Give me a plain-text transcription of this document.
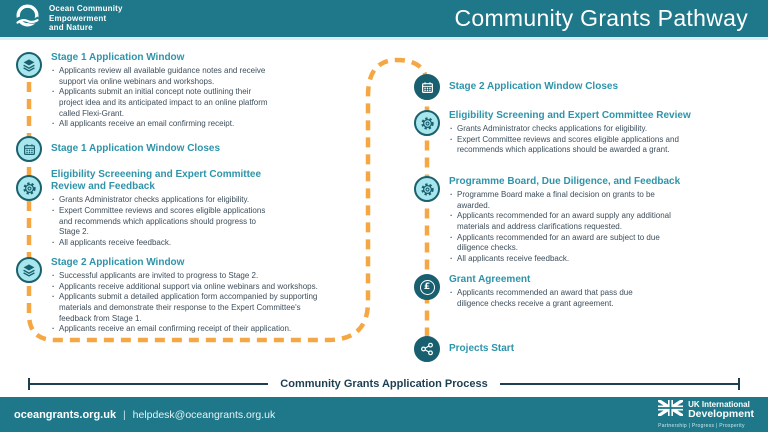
Ocean Community
Empowerment
and Nature	Community Grants Pathway
Stage 1 Application Window
· Applicants review all available guidance notes and receive support via online webinars and workshops.
· Applicants submit an initial concept note outlining their project idea and its anticipated impact to an online platform called Flexi-Grant.
· All applicants receive an email confirming receipt.
Stage 1 Application Window Closes
Eligibility Screeening and Expert Committee Review and Feedback
· Grants Administrator checks applications for eligibility.
· Expert Committee reviews and scores eligible applications and recommends which applications should progress to Stage 2.
· All applicants receive feedback.
Stage 2 Application Window
· Successful applicants are invited to progress to Stage 2.
· Applicants receive additional support via online webinars and workshops.
· Applicants submit a detailed application form accompanied by supporting materials and demonstrate their response to the Expert Committee's feedback from Stage 1.
· Applicants receive an email confirming receipt of their application.
Stage 2 Application Window Closes
Eligibility Screening and Expert Committee Review
· Grants Administrator checks applications for eligibility.
· Expert Committee reviews and scores eligible applications and recommends which applications should be awarded a grant.
Programme Board, Due Diligence, and Feedback
· Programme Board make a final decision on grants to be awarded.
· Applicants recommended for an award supply any additional materials and address clarifications requested.
· Applicants recommended for an award are subject to due diligence checks.
· All applicants receive feedback.
£
Grant Agreement
· Applicants recommended an award that pass due diligence checks receive a grant agreement.
Projects Start
Community Grants Application Process
oceangrants.org.uk | helpdesk@oceangrants.org.uk
UK International
Development
Partnership | Progress | Prosperity
